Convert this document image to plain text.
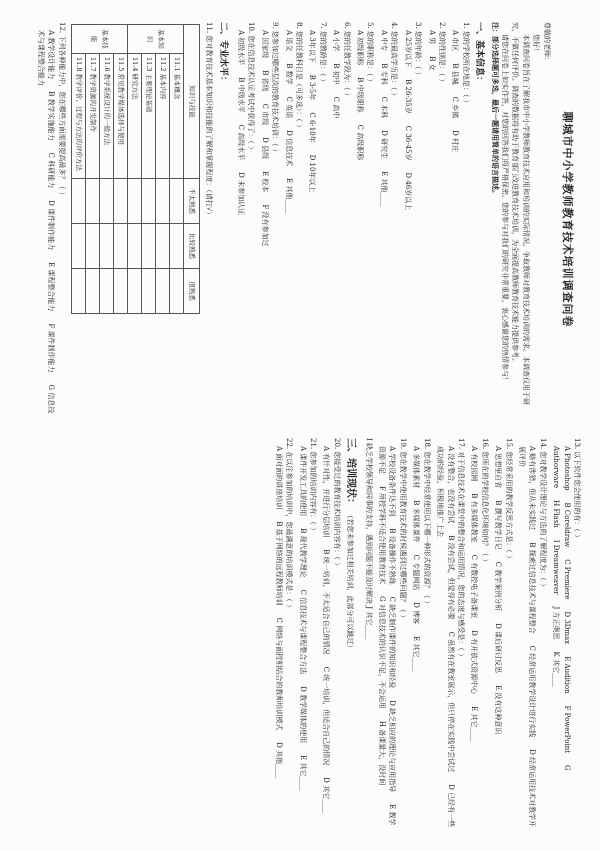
聊城市中小学教师教育技术培训调查问卷

尊敬的老师：

您好！

本调查问卷旨在了解我市中小学教师教育技术应用和培训的实际情况，争取教师对教育技术培训的需求。本调查仅用于研究，不做任何评价。调查的数据将有助于教育部门改进教育技术培训，为全面提高教师教育技术能力提供参考。

请您在问卷上如实作答，对您的回答我们将严格保密。您的参与对我们的研究非常重要，衷心感谢您的热情参与！

注：部分选择题可多选，最后一题请用简单的语言描述。

一、基本信息：

1. 您的学校所在地是：（ ）

A 市区B 县城C 乡镇D 村庄

2. 您的性别是：（ ）

A 男B 女

3. 您的年龄：（ ）

A 25岁以下B 26-35岁C 36-45岁D 46岁以上

4. 您的最高学历是：（ ）

A 中专B 专科C 本科D 研究生E 其他____

5. 您的职称是：（ ）

A 初级职称B 中级职称C 高级职称

6. 您的任教学段为：（ ）

A 小学B 初中C 高中

7. 您的教龄是：（ ）

A 3年以下B 3-5年C 6-10年D 10年以上

8. 您的任教科目是（可多选）：（ ）

A 语文B 数学C 英语D 信息技术E 其他____

9. 您参加过哪些层次的教育技术培训：（ ）

A 国家级B 省级C 市级D 县级E 校本F 没有参加过

10. 您在信息技术认证考试中获得了：（ ）

A 初级水平B 中级水平C 高级水平D 未参加认证

二、专业水平：

11. 您对教育技术基本知识和技能的了解和掌握程度：（请打√）

知识与技能		不太熟悉	比较熟悉	很熟悉
基本知识	11.1 基本概念			
	11.2 基本内容			
	11.3 主要理论基础			
	11.4 研究方法			
基本技能	11.5 常见教学媒体选择与使用			
	11.6 教学系统设计的一般方法			
	11.7 教学资源的开发制作			
	11.8 教学评价、过程与方法的评价方法			

12. 下列各种能力中，您在哪些方面需要提高最多？（ ）

A 教学设计能力B 教学实施能力C 科研能力D 课件制作能力E 课程整合能力F 课件制作能力G 信息技术与课程整合能力

13. 以下软件您会使用的有：（ ）

A PhotoshopB CoreldrawC PremiereD 3DmaxE AuditionF PowerPointG AuthorwareH FlashI DreamweaverJ 方正奥思K 其它____

14. 您对教学设计理论与方法的了解程度为：（ ）

A 略有涉猎，但从未实践过B 探索过信息技术与课程整合C 经常运用教学设计进行实践D 经常运用技术对教学开展评价

15. 您经常采用的教学反思方式是：（ ）

A 思想里自省B 撰写教学日记C 教学案例分析D 课后研讨反思E 没有这种意识

16. 您所在的学校信息化环境如何？（ ）

A 有校园网B 有多媒体教室C 有数控电子备课室D 有开放式资源中心E 其它____

17. 对于信息技术在课堂中的整合和运用情况，您的态度与感受是：（ ）

A 没有整合，也没有尝试B 没有尝试，但觉得有必要C 虽然有在教室展示，但只停在实践中尝试过D 已经有一些成功的经验，积极地推广上去

18. 您在教学中经常使用以下哪一种形式的资源？（ ）

A 多媒体素材B 多媒体课件C 专题网站D 博客E 其它____

19. 您在教学中使用教育技术的时候遇到过哪些问题？（ ）

A 学校设备条件达不到B 设备操作不熟练C 缺乏制作课件的知识和经验D 缺乏相应的理论与应用指导E 教学资源不足F 所授学科不适合使用教育技术G 对信息技术的认识不足，不会运用H 备课量大，没时间

I 缺乏学校领导和同事的支持，遇到问题不能及时解决 J 其它____

三、培训现状： （若您未参加过相关培训，此部分可以跳过）

20. 您接受过的教育技术培训内容有：（ ）

A 有针对性，并进行分层培训B 统一培训，不太适合自己的情况C 统一培训，但适合自己的情况D 其它____

21. 您参加的培训内容有：（ ）

A 课件开发工具的使用B 现代教学理论C 信息技术与课程整合方法D 教学媒体的使用E 其它____

22. 在以往参加的培训中，您最满意的培训模式是：（ ）

A 面对面的讲座培训B 基于网络的远程教师培训C 网络与面授相结合的教师培训模式D 其他____
